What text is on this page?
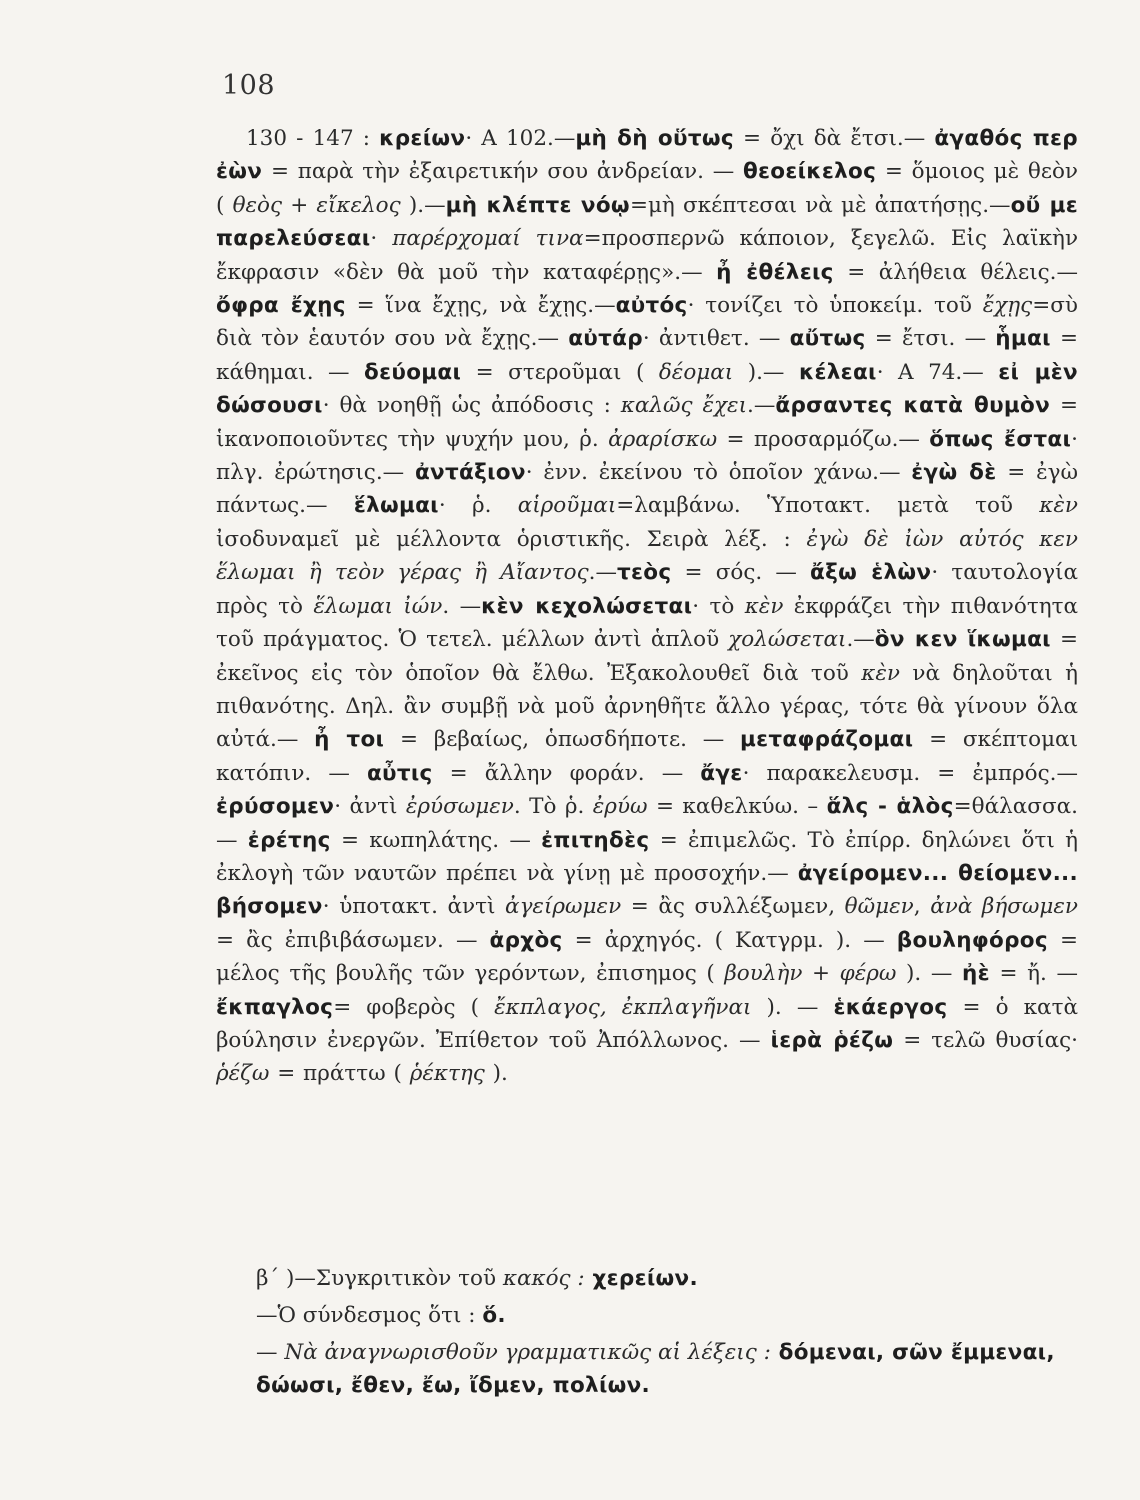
108
130 - 147 : κρείων· Α 102.—μὴ δὴ οὕτως = ὄχι δὰ ἔτσι.— ἀγαθός περ ἐὼν = παρὰ τὴν ἐξαιρετικήν σου ἀνδρείαν. — θεοείκελος = ὅμοιος μὲ θεὸν ( θεὸς + εἴκελος ).—μὴ κλέπτε νόῳ=μὴ σκέπτεσαι νὰ μὲ ἀπατήσῃς.—οὔ με παρελεύσεαι· παρέρχομαί τινα=προσπερνῶ κάποιον, ξεγελῶ. Εἰς λαϊκὴν ἔκφρασιν «δὲν θὰ μοῦ τὴν καταφέρῃς».— ἦ ἐθέλεις = ἀλήθεια θέλεις.—ὄφρα ἔχῃς = ἵνα ἔχῃς, νὰ ἔχῃς.—αὐτός· τονίζει τὸ ὑποκείμ. τοῦ ἔχῃς=σὺ διὰ τὸν ἑαυτόν σου νὰ ἔχῃς.— αὐτάρ· ἀντιθετ. — αὔτως = ἔτσι. — ἧμαι = κάθημαι. — δεύομαι = στεροῦμαι ( δέομαι ).— κέλεαι· Α 74.— εἰ μὲν δώσουσι· θὰ νοηθῇ ὡς ἀπόδοσις : καλῶς ἔχει.—ἄρσαντες κατὰ θυμὸν = ἱκανοποιοῦντες τὴν ψυχήν μου, ῥ. ἀραρίσκω = προσαρμόζω.— ὅπως ἔσται· πλγ. ἐρώτησις.— ἀντάξιον· ἐνν. ἐκείνου τὸ ὁποῖον χάνω.— ἐγὼ δὲ = ἐγὼ πάντως.— ἕλωμαι· ῥ. αἱροῦμαι=λαμβάνω. Ὑποτακτ. μετὰ τοῦ κὲν ἰσοδυναμεῖ μὲ μέλλοντα ὁριστικῆς. Σειρὰ λέξ. : ἐγὼ δὲ ἰὼν αὐτός κεν ἕλωμαι ἢ τεὸν γέρας ἢ Αἴαντος.—τεὸς = σός. — ἄξω ἑλὼν· ταυτολογία πρὸς τὸ ἕλωμαι ἰών. —κὲν κεχολώσεται· τὸ κὲν ἐκφράζει τὴν πιθανότητα τοῦ πράγματος. Ὁ τετελ. μέλλων ἀντὶ ἁπλοῦ χολώσεται.—ὃν κεν ἵκωμαι = ἐκεῖνος εἰς τὸν ὁποῖον θὰ ἔλθω. Ἐξακολουθεῖ διὰ τοῦ κὲν νὰ δηλοῦται ἡ πιθανότης. Δηλ. ἂν συμβῇ νὰ μοῦ ἀρνηθῆτε ἄλλο γέρας, τότε θὰ γίνουν ὅλα αὐτά.— ἦ τοι = βεβαίως, ὁπωσδήποτε. — μεταφράζομαι = σκέπτομαι κατόπιν. — αὖτις = ἄλλην φοράν. — ἄγε· παρακελευσμ. = ἐμπρός.—ἐρύσομεν· ἀντὶ ἐρύσωμεν. Τὸ ῥ. ἐρύω = καθελκύω. – ἅλς - ἁλὸς=θάλασσα. — ἐρέτης = κωπηλάτης. — ἐπιτηδὲς = ἐπιμελῶς. Τὸ ἐπίρρ. δηλώνει ὅτι ἡ ἐκλογὴ τῶν ναυτῶν πρέπει νὰ γίνῃ μὲ προσοχήν.— ἀγείρομεν... θείομεν... βήσομεν· ὑποτακτ. ἀντὶ ἀγείρωμεν = ἂς συλλέξωμεν, θῶμεν, ἀνὰ βήσωμεν = ἂς ἐπιβιβάσωμεν. — ἀρχὸς = ἀρχηγός. ( Κατγρμ. ). — βουληφόρος = μέλος τῆς βουλῆς τῶν γερόντων, ἐπισημος ( βουλὴν + φέρω ). — ἠὲ = ἤ. — ἔκπαγλος= φοβερὸς ( ἔκπλαγος, ἐκπλαγῆναι ). — ἑκάεργος = ὁ κατὰ βούλησιν ἐνεργῶν. Ἐπίθετον τοῦ Ἀπόλλωνος. — ἱερὰ ῥέζω = τελῶ θυσίας· ῥέζω = πράττω ( ῥέκτης ).

β΄ )—Συγκριτικὸν τοῦ κακός : χερείων.

—Ὁ σύνδεσμος ὅτι : ὅ.

— Νὰ ἀναγνωρισθοῦν γραμματικῶς αἱ λέξεις : δόμεναι, σῶν ἔμμεναι, δώωσι, ἔθεν, ἔω, ἴδμεν, πολίων.
